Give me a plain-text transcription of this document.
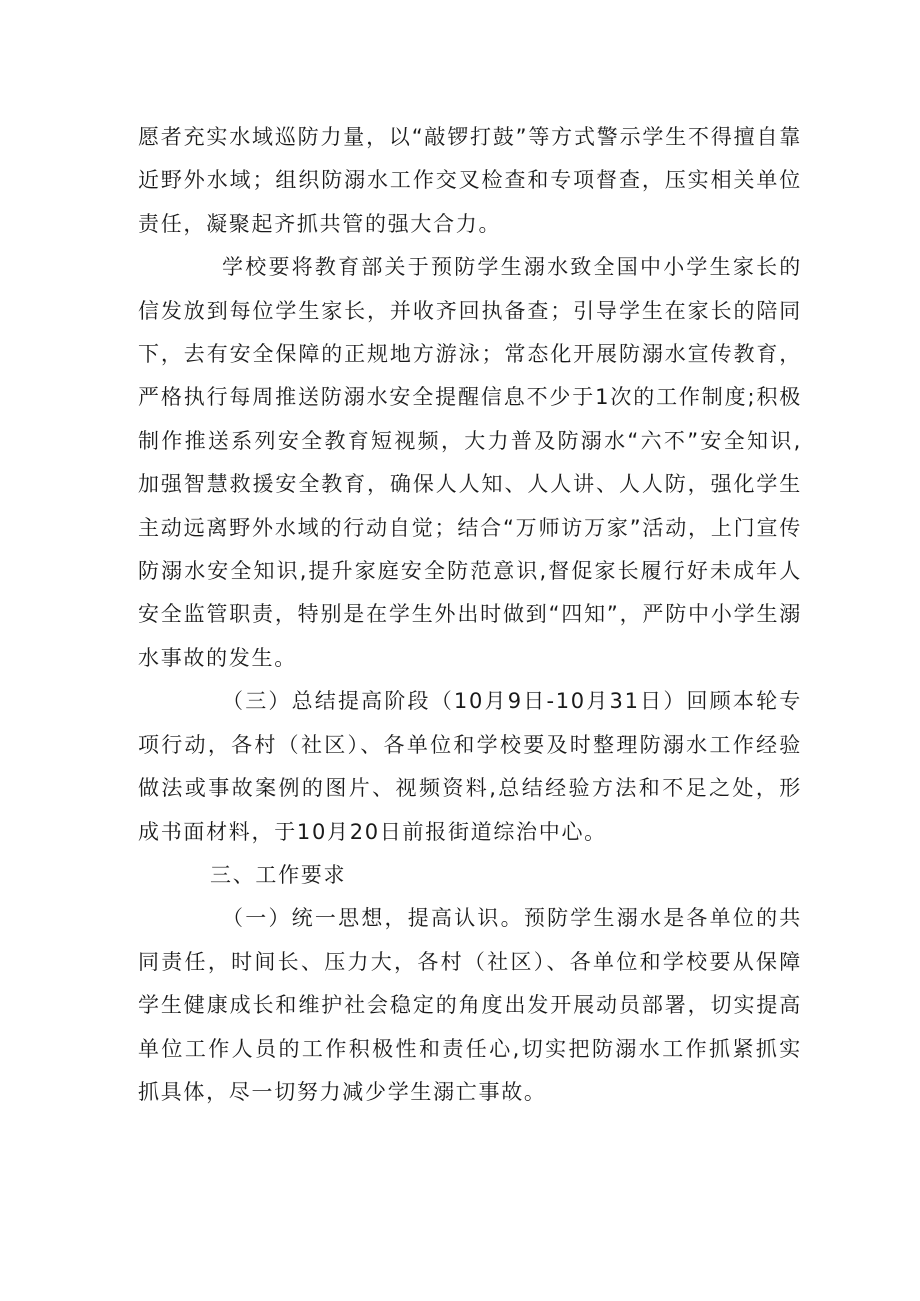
愿者充实水域巡防力量，以“敲锣打鼓”等方式警示学生不得擅自靠近野外水域；组织防溺水工作交叉检查和专项督查，压实相关单位责任，凝聚起齐抓共管的强大合力。

学校要将教育部关于预防学生溺水致全国中小学生家长的信发放到每位学生家长，并收齐回执备查；引导学生在家长的陪同下，去有安全保障的正规地方游泳；常态化开展防溺水宣传教育，严格执行每周推送防溺水安全提醒信息不少于1次的工作制度;积极制作推送系列安全教育短视频，大力普及防溺水“六不”安全知识,加强智慧救援安全教育，确保人人知、人人讲、人人防，强化学生主动远离野外水域的行动自觉；结合“万师访万家”活动，上门宣传防溺水安全知识,提升家庭安全防范意识,督促家长履行好未成年人安全监管职责，特别是在学生外出时做到“四知”，严防中小学生溺水事故的发生。

（三）总结提高阶段（10月9日-10月31日）回顾本轮专项行动，各村（社区）、各单位和学校要及时整理防溺水工作经验做法或事故案例的图片、视频资料,总结经验方法和不足之处，形成书面材料，于10月20日前报街道综治中心。

三、工作要求

（一）统一思想，提高认识。预防学生溺水是各单位的共同责任，时间长、压力大，各村（社区）、各单位和学校要从保障学生健康成长和维护社会稳定的角度出发开展动员部署，切实提高单位工作人员的工作积极性和责任心,切实把防溺水工作抓紧抓实抓具体，尽一切努力减少学生溺亡事故。
